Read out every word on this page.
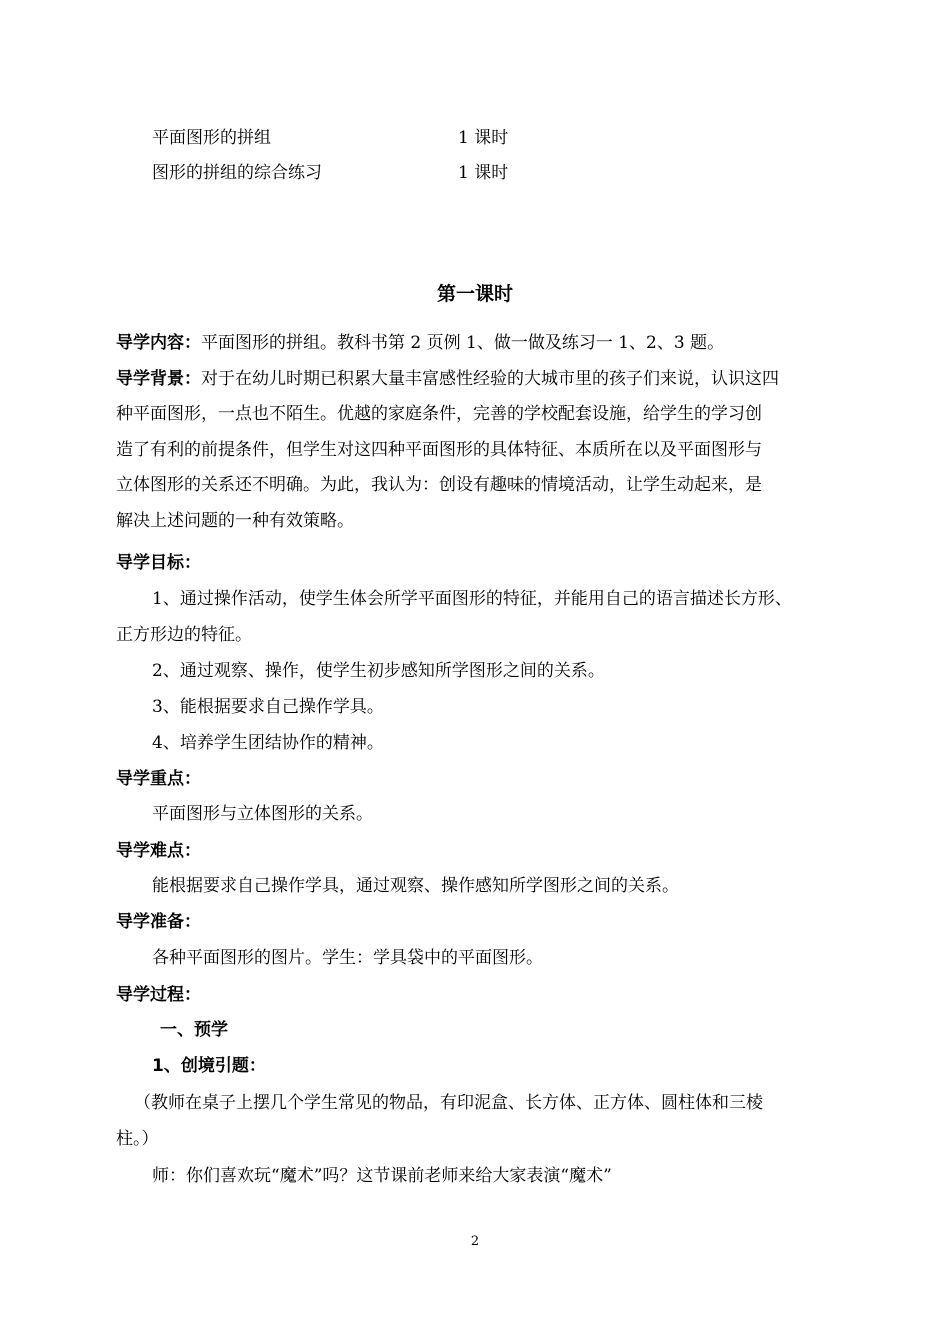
平面图形的拼组	1 课时
图形的拼组的综合练习	1 课时
第一课时
导学内容：平面图形的拼组。教科书第 2 页例 1、做一做及练习一 1、2、3 题。
导学背景：对于在幼儿时期已积累大量丰富感性经验的大城市里的孩子们来说，认识这四
种平面图形，一点也不陌生。优越的家庭条件，完善的学校配套设施，给学生的学习创
造了有利的前提条件，但学生对这四种平面图形的具体特征、本质所在以及平面图形与
立体图形的关系还不明确。为此，我认为：创设有趣味的情境活动，让学生动起来，是
解决上述问题的一种有效策略。
导学目标：
1、通过操作活动，使学生体会所学平面图形的特征，并能用自己的语言描述长方形、
正方形边的特征。
2、通过观察、操作，使学生初步感知所学图形之间的关系。
3、能根据要求自己操作学具。
4、培养学生团结协作的精神。
导学重点：
平面图形与立体图形的关系。
导学难点：
能根据要求自己操作学具，通过观察、操作感知所学图形之间的关系。
导学准备：
各种平面图形的图片。学生：学具袋中的平面图形。
导学过程：
一、预学
1、创境引题：
（教师在桌子上摆几个学生常见的物品，有印泥盒、长方体、正方体、圆柱体和三棱
柱。）
师：你们喜欢玩“魔术”吗？这节课前老师来给大家表演“魔术”
2
